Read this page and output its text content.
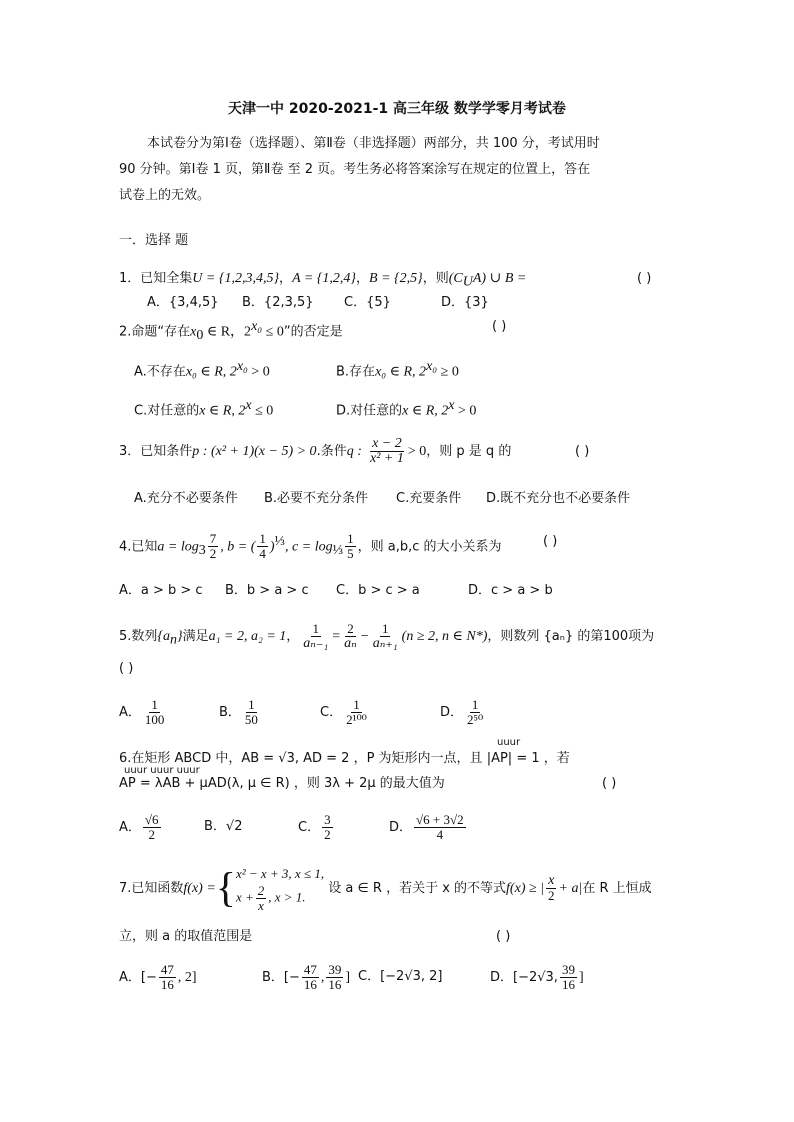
天津一中 2020-2021-1 高三年级 数学学零月考试卷
本试卷分为第Ⅰ卷（选择题）、第Ⅱ卷（非选择题）两部分，共 100 分，考试用时
90 分钟。第Ⅰ卷 1 页，第Ⅱ卷 至 2 页。考生务必将答案涂写在规定的位置上，答在
试卷上的无效。
一．选择 题
1．已知全集U = {1,2,3,4,5}，A = {1,2,4}，B = {2,5}，则$(C_UA)$ ∪ B =	( )
A．{3,4,5} B．{2,3,5} C．{5}	D．{3}
2.命题“存在$x_0$ ∈ R，$2^{x_0} \le 0$”的否定是	( )
A.不存在x₀ ∈ R, $2^{x_0} > 0$	B.存在x₀ ∈ R, $2^{x_0} \ge 0$
C.对任意的x ∈ R, $2^x \le 0$	D.对任意的x ∈ R, $2^x > 0$
3．已知条件p : (x² + 1)(x − 5) > 0.条件q : $\frac{x - 2}{\text{x² + 1}} > 0$，则 p 是 q 的	( )
A.充分不必要条件 B.必要不充分条件 C.充要条件 D.既不充分也不必要条件
4.已知$a = \log_3 \frac{7}{2}$ , b = ( $\frac{1}{4} )^{\frac{1}{3}}$, $c = \log_{\frac{1}{3}} \frac{1}{5}$ ，则 a,b,c 的大小关系为	( )
A．a > b > c B．b > a > c C．b > c > a	D．c > a > b
5.数列$\{a_n\}$满足a₁ = 2, a₂ = 1， $\frac{1}{\text{aₙ₋₁}} = \frac{2}{\text{aₙ}} - \frac{1}{\text{aₙ₊₁}} (n \ge 2$, n ∈ N*)，则数列 {aₙ} 的第100项为
( )
A． $\frac{1}{100}$	B． $\frac{1}{50}$	C． $\frac{1}{\text{2¹⁰⁰}}$	D． $\frac{1}{\text{2⁵⁰}}$
uuur
6.在矩形 ABCD 中，AB = √3, AD = 2 ，P 为矩形内一点，且 |AP| = 1 ，若
uuur uuur uuur
AP = λAB + μAD(λ, μ ∈ R) ，则 3λ + 2μ 的最大值为	( )
A． $\frac{√6}{2}$	B．√2	C． $\frac{3}{2}$	D． $\frac{√6 + 3√2}{4}$
7.已知函数f(x) ={ x² − x + 3, x ≤ 1,
$x + \frac{2}{x}$ , x > 1.
设 a ∈ R ，若关于 x 的不等式f(x) ≥ | $\frac{x}{2} + a|$在 R 上恒成
立，则 a 的取值范围是	( )
A．[− $\frac{47}{16}$ , 2]	B．[− $\frac{47}{16}$ , $\frac{39}{16}$ ] C．[−2√3, 2]	D．[−2√3, $\frac{39}{16}$ ]
